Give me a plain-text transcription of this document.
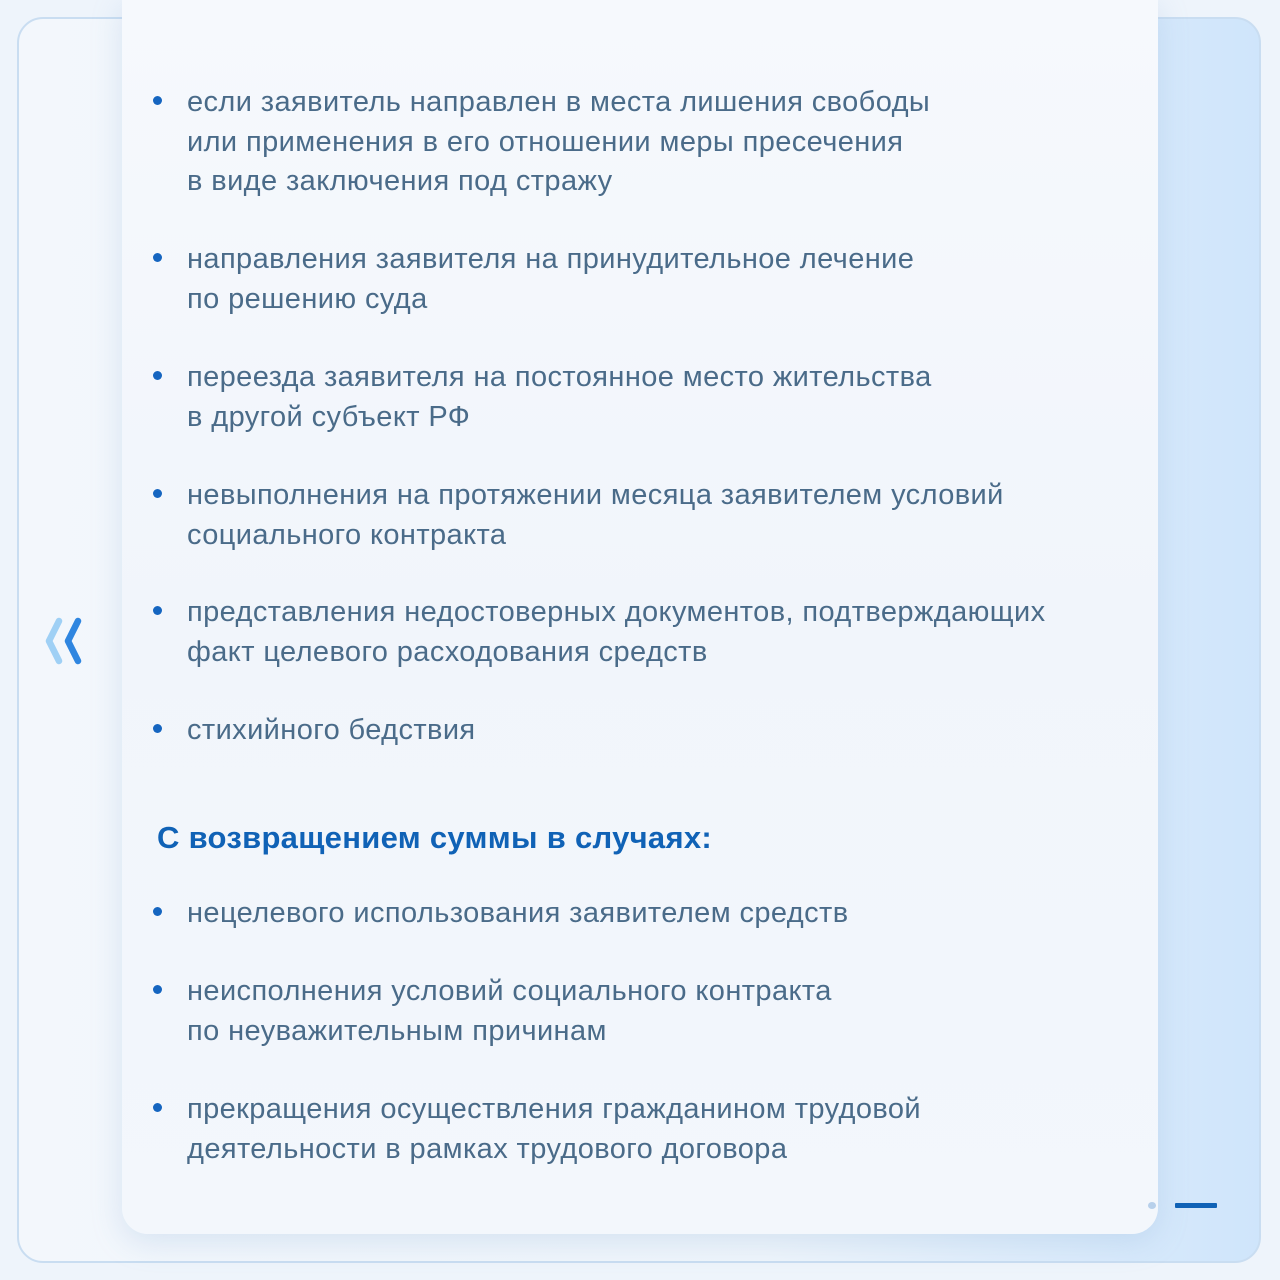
если заявитель направлен в места лишения свободы
или применения в его отношении меры пресечения
в виде заключения под стражу
направления заявителя на принудительное лечение
по решению суда
переезда заявителя на постоянное место жительства
в другой субъект РФ
невыполнения на протяжении месяца заявителем условий
социального контракта
представления недостоверных документов, подтверждающих
факт целевого расходования средств
стихийного бедствия
С возвращением суммы в случаях:
нецелевого использования заявителем средств
неисполнения условий социального контракта
по неуважительным причинам
прекращения осуществления гражданином трудовой
деятельности в рамках трудового договора
